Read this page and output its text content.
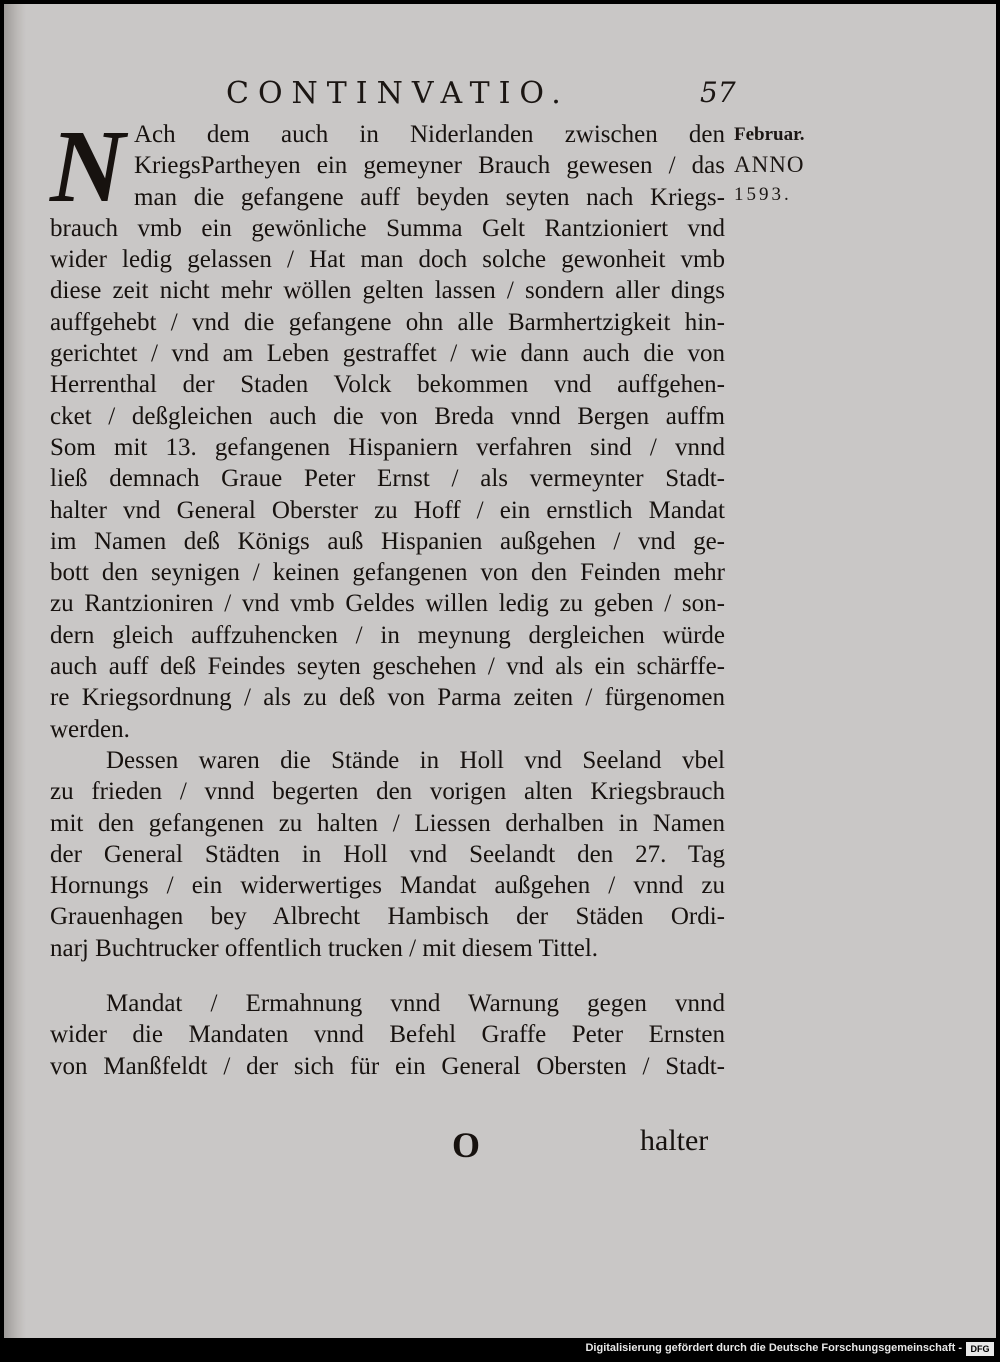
CONTINVATIO.	57
Februar.
ANNO
1593.
N Ach dem auch in Niderlanden zwischen den
KriegsPartheyen ein gemeyner Brauch gewesen / das
man die gefangene auff beyden seyten nach Kriegs-
brauch vmb ein gewönliche Summa Gelt Rantzioniert vnd
wider ledig gelassen / Hat man doch solche gewonheit vmb
diese zeit nicht mehr wöllen gelten lassen / sondern aller dings
auffgehebt / vnd die gefangene ohn alle Barmhertzigkeit hin-
gerichtet / vnd am Leben gestraffet / wie dann auch die von
Herrenthal der Staden Volck bekommen vnd auffgehen-
cket / deßgleichen auch die von Breda vnnd Bergen auffm
Som mit 13. gefangenen Hispaniern verfahren sind / vnnd
ließ demnach Graue Peter Ernst / als vermeynter Stadt-
halter vnd General Oberster zu Hoff / ein ernstlich Mandat
im Namen deß Königs auß Hispanien außgehen / vnd ge-
bott den seynigen / keinen gefangenen von den Feinden mehr
zu Rantzioniren / vnd vmb Geldes willen ledig zu geben / son-
dern gleich auffzuhencken / in meynung dergleichen würde
auch auff deß Feindes seyten geschehen / vnd als ein schärffe-
re Kriegsordnung / als zu deß von Parma zeiten / fürgenomen
werden.
Dessen waren die Stände in Holl vnd Seeland vbel
zu frieden / vnnd begerten den vorigen alten Kriegsbrauch
mit den gefangenen zu halten / Liessen derhalben in Namen
der General Städten in Holl vnd Seelandt den 27. Tag
Hornungs / ein widerwertiges Mandat außgehen / vnnd zu
Grauenhagen bey Albrecht Hambisch der Städen Ordi-
narj Buchtrucker offentlich trucken / mit diesem Tittel.
Mandat / Ermahnung vnnd Warnung gegen vnnd
wider die Mandaten vnnd Befehl Graffe Peter Ernsten
von Manßfeldt / der sich für ein General Obersten / Stadt-
O	halter
Digitalisierung gefördert durch die Deutsche Forschungsgemeinschaft - DFG
